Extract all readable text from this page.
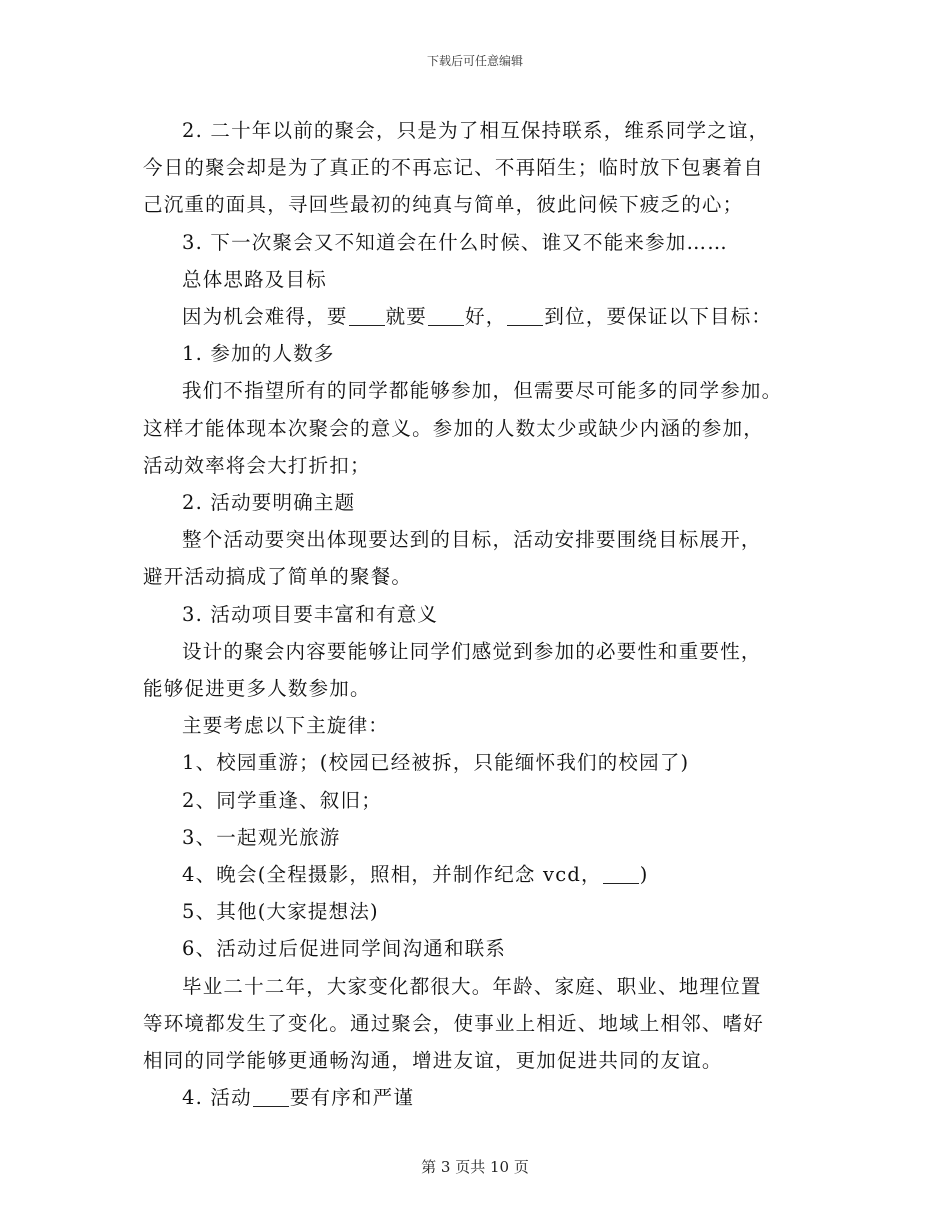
下载后可任意编辑

2. 二十年以前的聚会，只是为了相互保持联系，维系同学之谊，
今日的聚会却是为了真正的不再忘记、不再陌生；临时放下包裹着自
己沉重的面具，寻回些最初的纯真与简单，彼此问候下疲乏的心；

3. 下一次聚会又不知道会在什么时候、谁又不能来参加……

总体思路及目标

因为机会难得，要 就要 好， 到位，要保证以下目标：

1. 参加的人数多

我们不指望所有的同学都能够参加，但需要尽可能多的同学参加。
这样才能体现本次聚会的意义。参加的人数太少或缺少内涵的参加，
活动效率将会大打折扣；

2. 活动要明确主题

整个活动要突出体现要达到的目标，活动安排要围绕目标展开，
避开活动搞成了简单的聚餐。

3. 活动项目要丰富和有意义

设计的聚会内容要能够让同学们感觉到参加的必要性和重要性，
能够促进更多人数参加。

主要考虑以下主旋律：

1、校园重游；(校园已经被拆，只能缅怀我们的校园了)

2、同学重逢、叙旧；

3、一起观光旅游

4、晚会(全程摄影，照相，并制作纪念 vcd， )

5、其他(大家提想法)

6、活动过后促进同学间沟通和联系

毕业二十二年，大家变化都很大。年龄、家庭、职业、地理位置
等环境都发生了变化。通过聚会，使事业上相近、地域上相邻、嗜好
相同的同学能够更通畅沟通，增进友谊，更加促进共同的友谊。

4. 活动 要有序和严谨

第 3 页共 10 页
